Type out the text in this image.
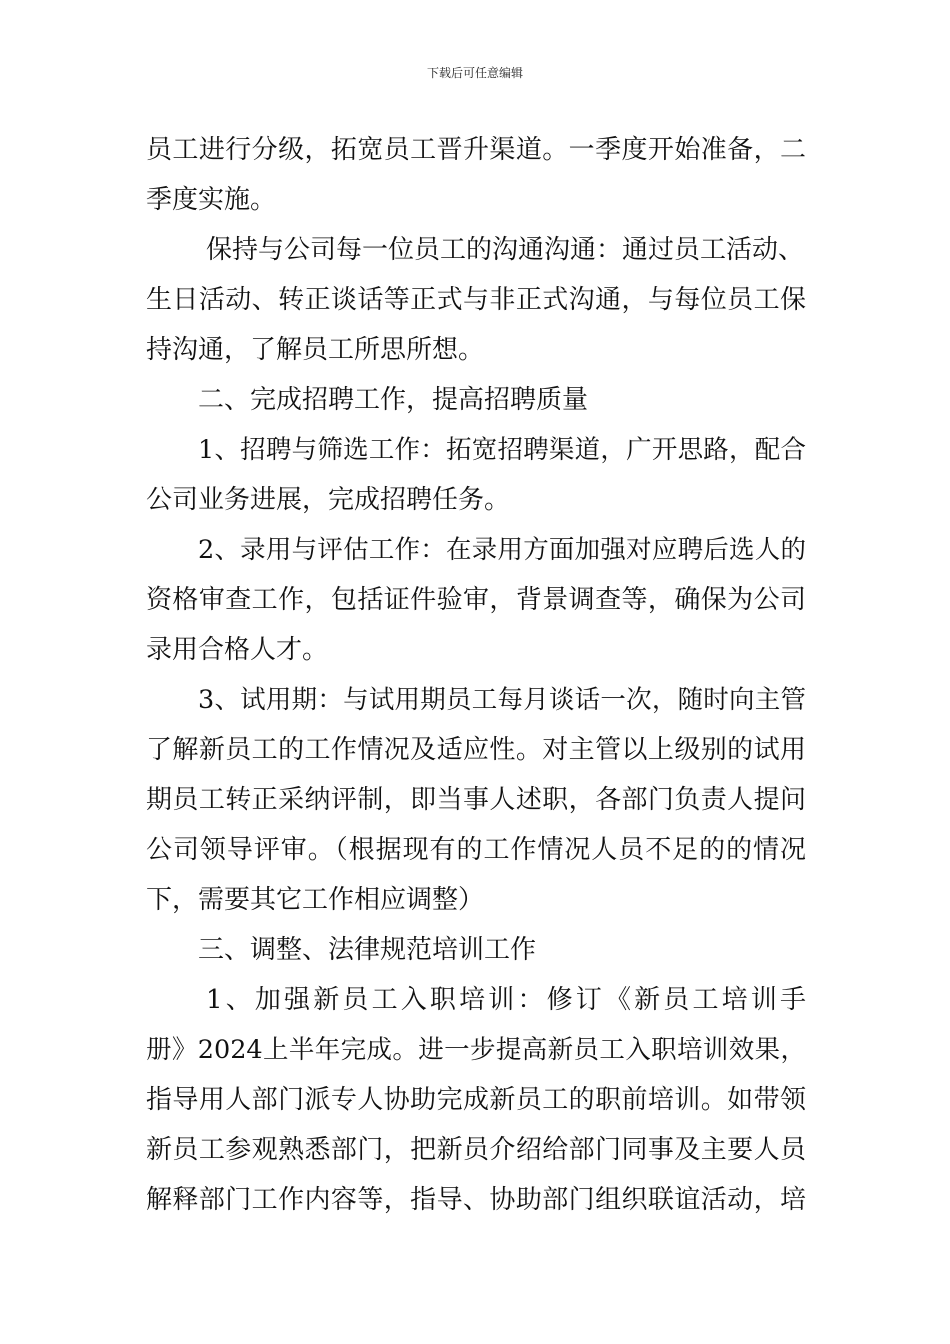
下载后可任意编辑
员工进行分级，拓宽员工晋升渠道。一季度开始准备，二
季度实施。
保持与公司每一位员工的沟通沟通：通过员工活动、
生日活动、转正谈话等正式与非正式沟通，与每位员工保
持沟通，了解员工所思所想。
二、完成招聘工作，提高招聘质量
1、招聘与筛选工作：拓宽招聘渠道，广开思路，配合
公司业务进展，完成招聘任务。
2、录用与评估工作：在录用方面加强对应聘后选人的
资格审查工作，包括证件验审，背景调查等，确保为公司
录用合格人才。
3、试用期：与试用期员工每月谈话一次，随时向主管
了解新员工的工作情况及适应性。对主管以上级别的试用
期员工转正采纳评制，即当事人述职，各部门负责人提问
公司领导评审。（根据现有的工作情况人员不足的的情况
下，需要其它工作相应调整）
三、调整、法律规范培训工作
1、加强新员工入职培训：修订《新员工培训手
册》2024上半年完成。进一步提高新员工入职培训效果，
指导用人部门派专人协助完成新员工的职前培训。如带领
新员工参观熟悉部门，把新员介绍给部门同事及主要人员
解释部门工作内容等，指导、协助部门组织联谊活动，培
